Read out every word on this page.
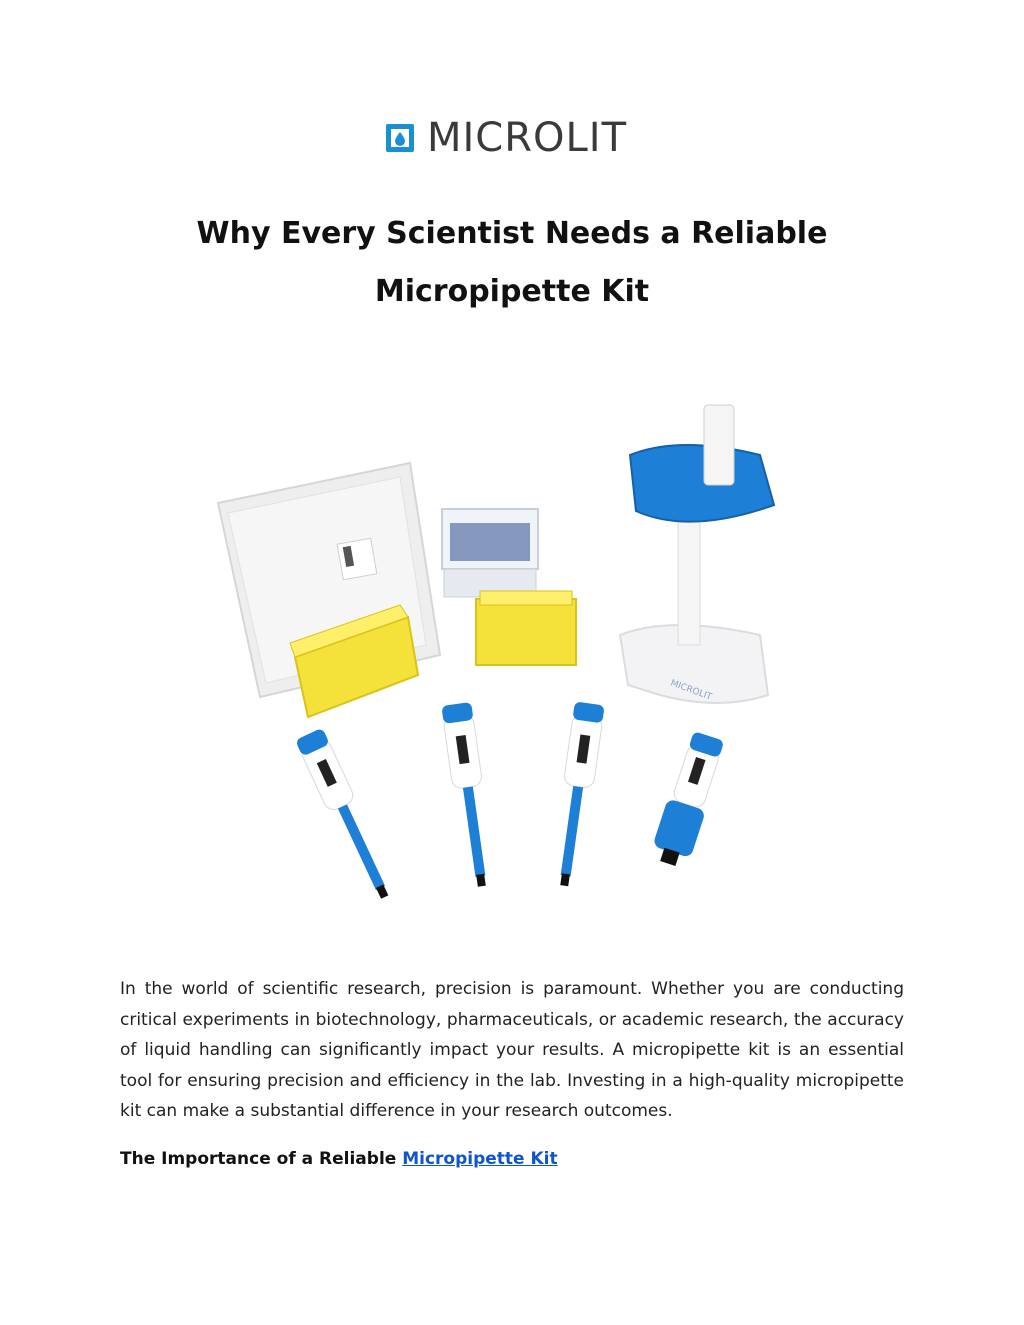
MICROLIT
Why Every Scientist Needs a Reliable
Micropipette Kit
MICROLIT

In the world of scientific research, precision is paramount. Whether you are conducting critical experiments in biotechnology, pharmaceuticals, or academic research, the accuracy of liquid handling can significantly impact your results. A micropipette kit is an essential tool for ensuring precision and efficiency in the lab. Investing in a high-quality micropipette kit can make a substantial difference in your research outcomes.

The Importance of a Reliable Micropipette Kit
